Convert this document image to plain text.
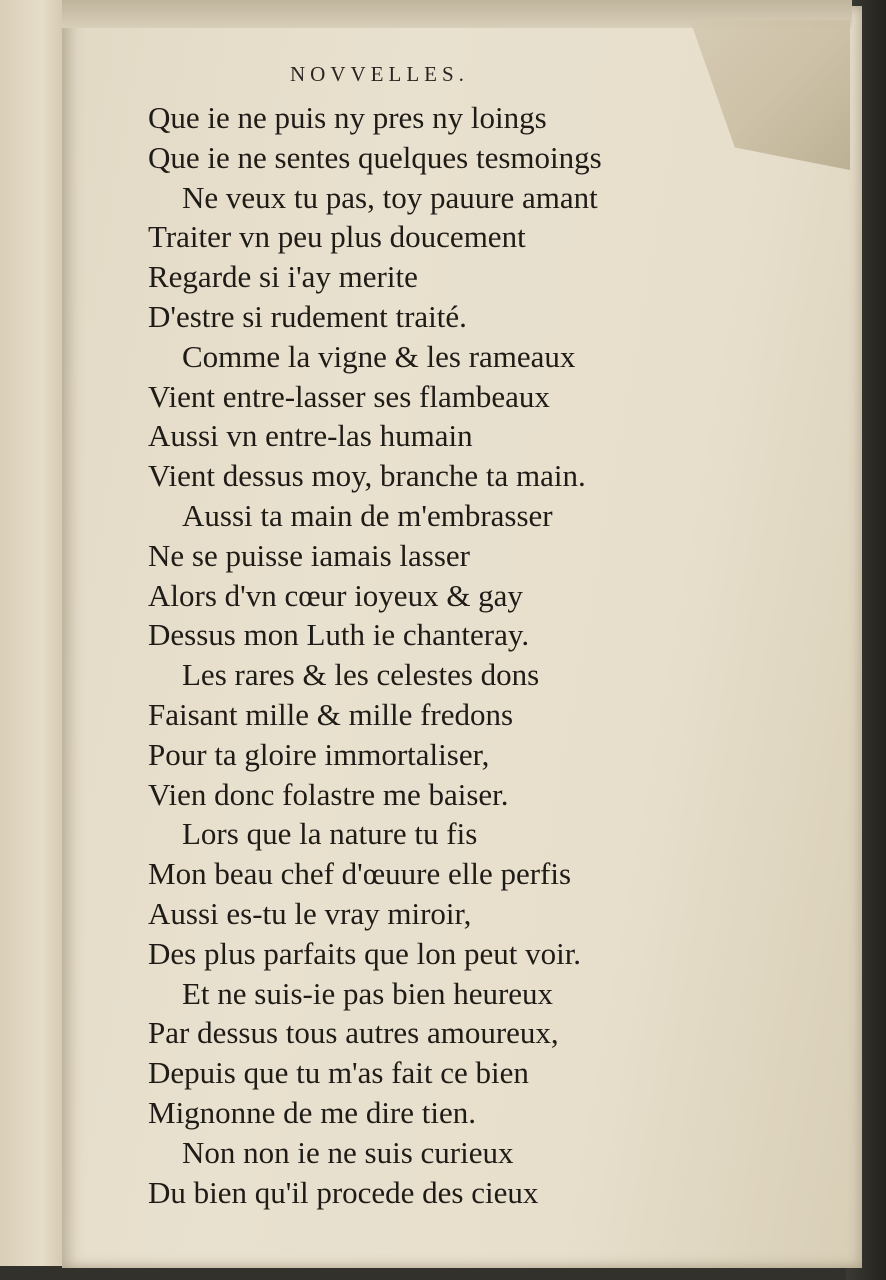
NOVVELLES.
Que ie ne puis ny pres ny loings
Que ie ne sentes quelques tesmoings
Ne veux tu pas, toy pauure amant
Traiter vn peu plus doucement
Regarde si i'ay merite
D'estre si rudement traité.
Comme la vigne & les rameaux
Vient entre-lasser ses flambeaux
Aussi vn entre-las humain
Vient dessus moy, branche ta main.
Aussi ta main de m'embrasser
Ne se puisse iamais lasser
Alors d'vn cœur ioyeux & gay
Dessus mon Luth ie chanteray.
Les rares & les celestes dons
Faisant mille & mille fredons
Pour ta gloire immortaliser,
Vien donc folastre me baiser.
Lors que la nature tu fis
Mon beau chef d'œuure elle perfis
Aussi es-tu le vray miroir,
Des plus parfaits que lon peut voir.
Et ne suis-ie pas bien heureux
Par dessus tous autres amoureux,
Depuis que tu m'as fait ce bien
Mignonne de me dire tien.
Non non ie ne suis curieux
Du bien qu'il procede des cieux
